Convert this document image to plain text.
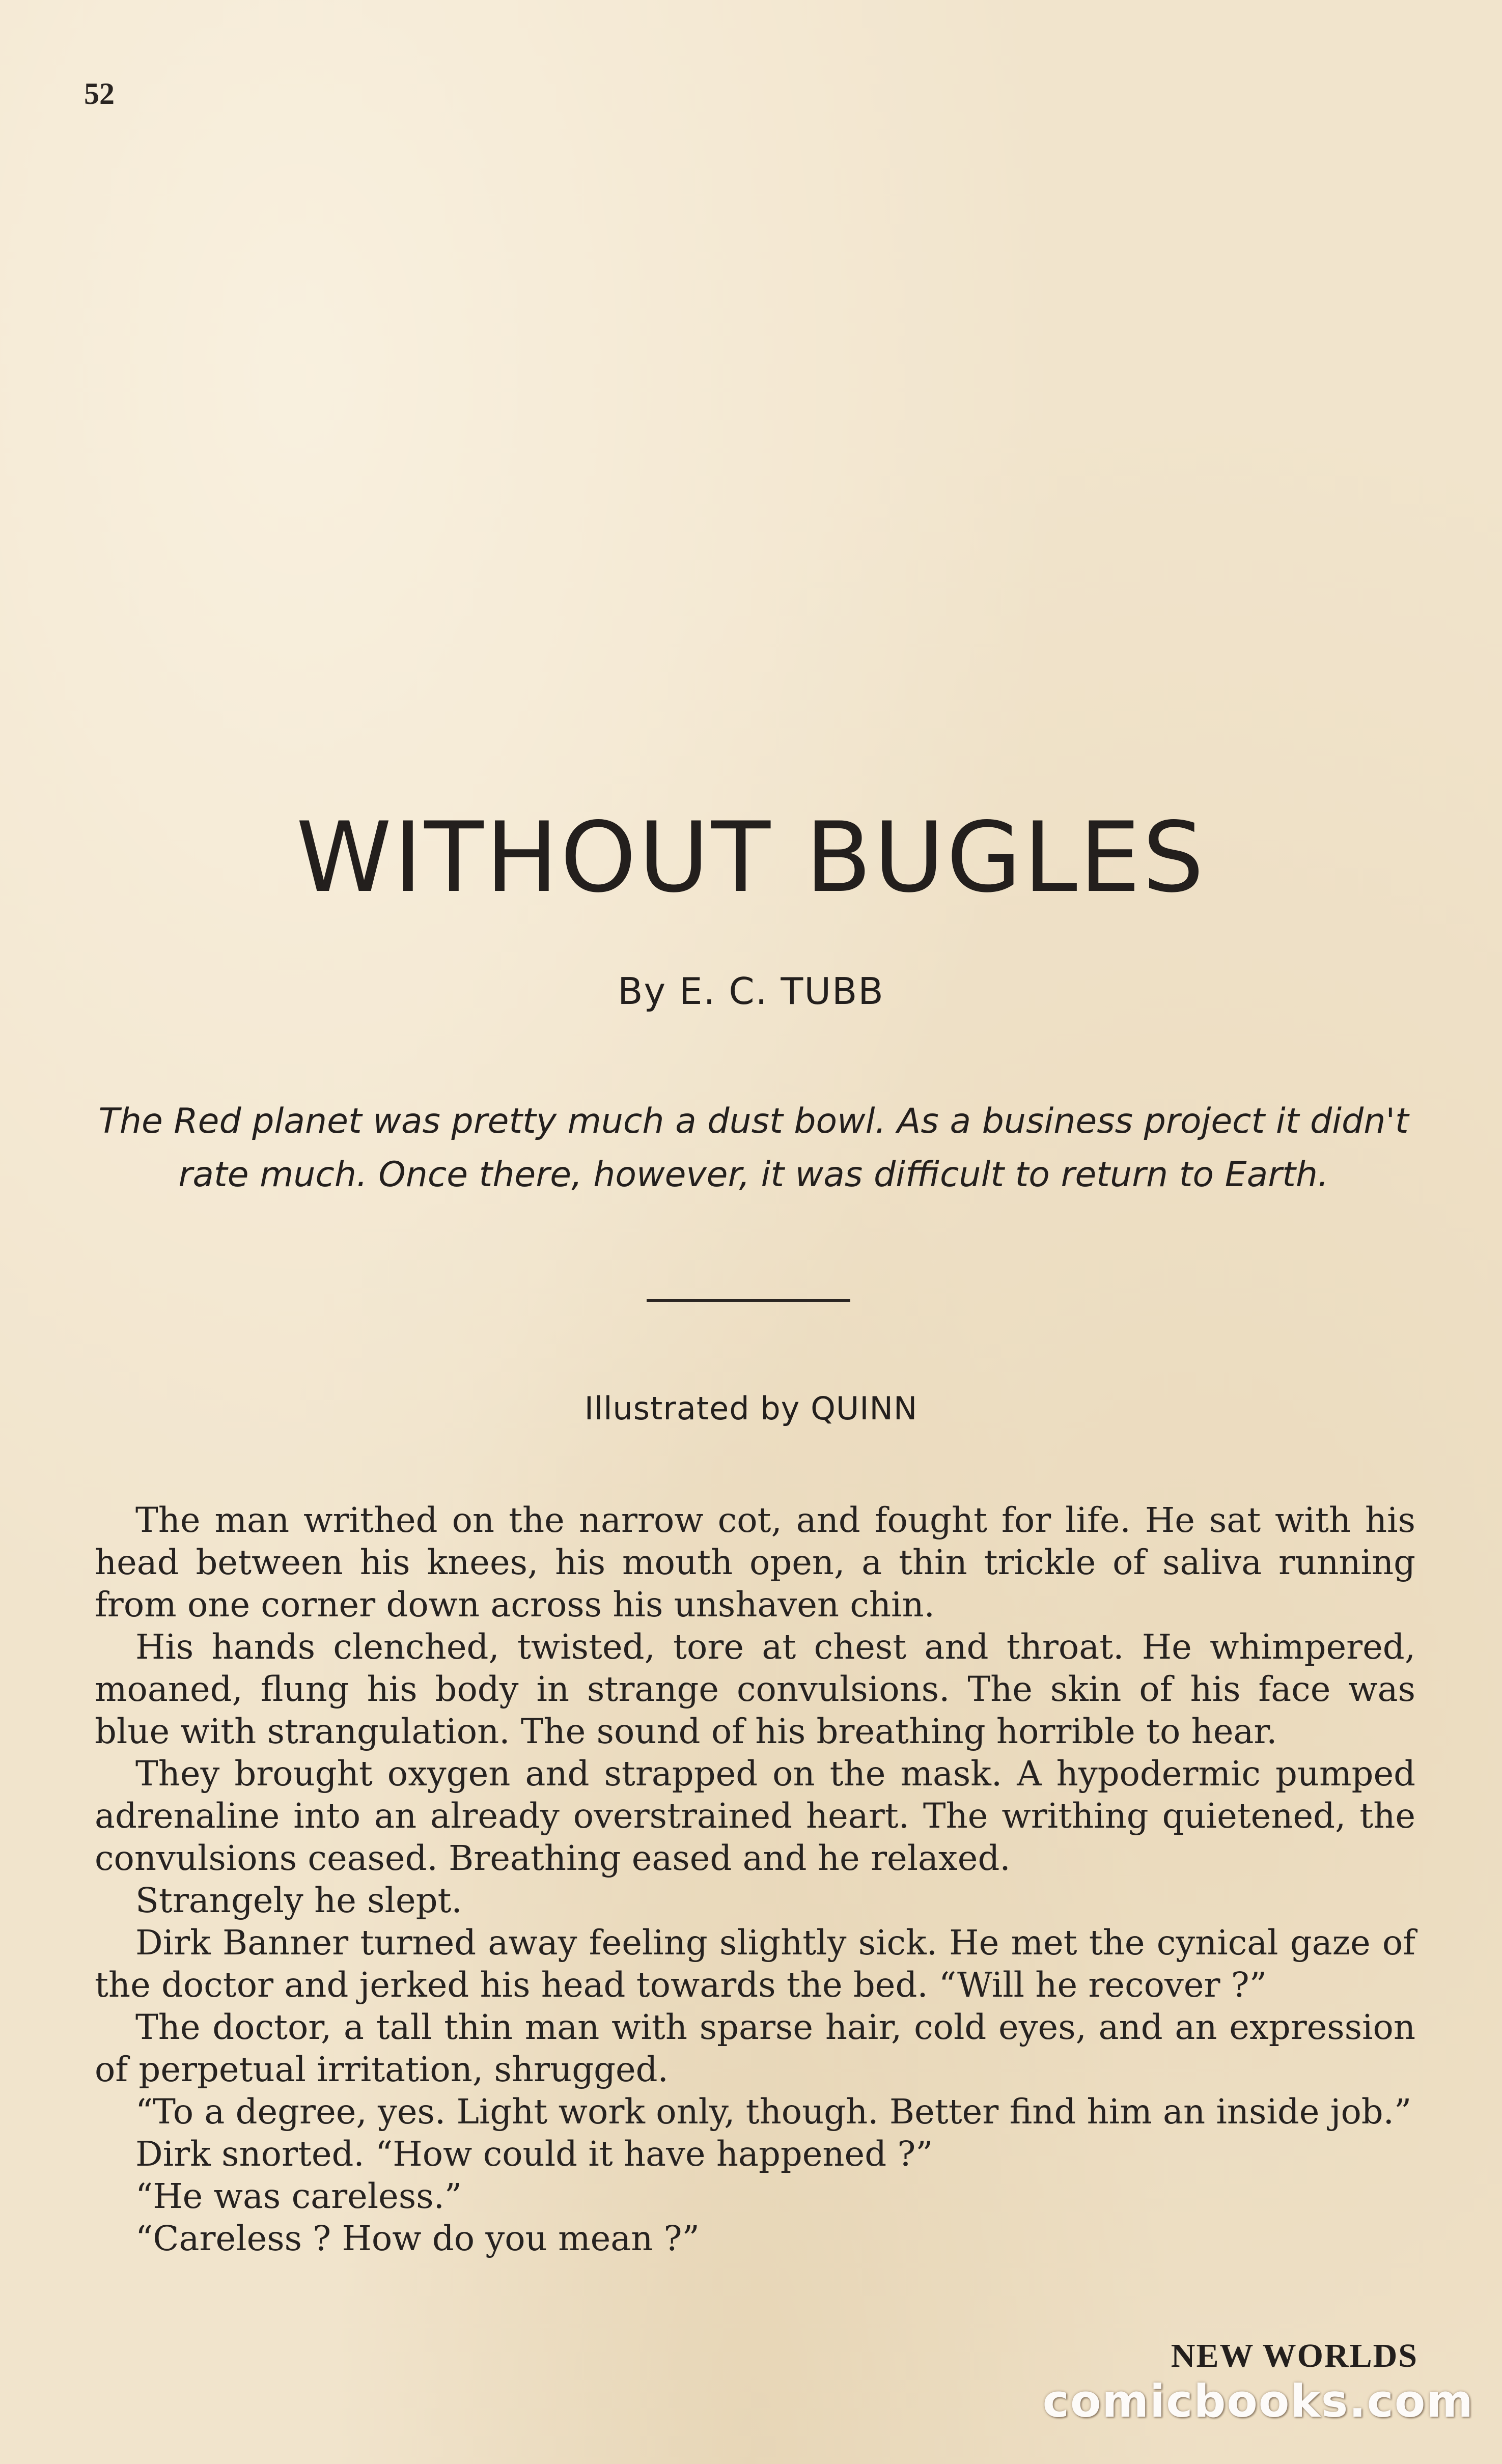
52
WITHOUT BUGLES
By E. C. TUBB
The Red planet was pretty much a dust bowl. As a business project it didn't rate much. Once there, however, it was difficult to return to Earth.
Illustrated by QUINN

The man writhed on the narrow cot, and fought for life. He sat with his head between his knees, his mouth open, a thin trickle of saliva running from one corner down across his unshaven chin.

His hands clenched, twisted, tore at chest and throat. He whimpered, moaned, flung his body in strange convulsions. The skin of his face was blue with strangulation. The sound of his breathing horrible to hear.

They brought oxygen and strapped on the mask. A hypodermic pumped adrenaline into an already overstrained heart. The writhing quietened, the convulsions ceased. Breathing eased and he relaxed.

Strangely he slept.

Dirk Banner turned away feeling slightly sick. He met the cynical gaze of the doctor and jerked his head towards the bed. “Will he recover ?”

The doctor, a tall thin man with sparse hair, cold eyes, and an expression of perpetual irritation, shrugged.

“To a degree, yes. Light work only, though. Better find him an inside job.”

Dirk snorted. “How could it have happened ?”

“He was careless.”

“Careless ? How do you mean ?”

NEW WORLDS
comicbooks.com
